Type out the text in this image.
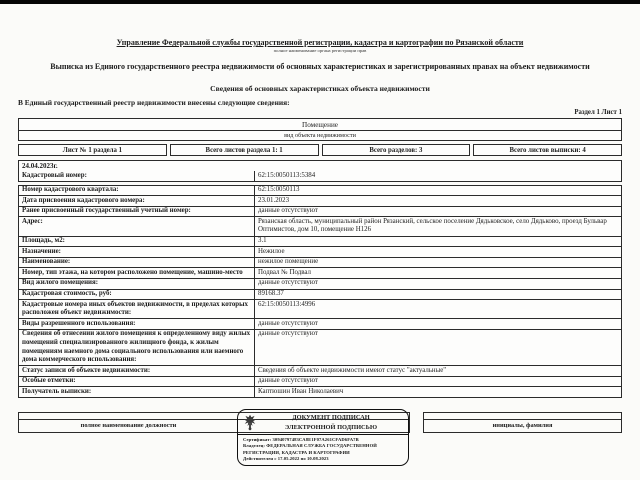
Управление Федеральной службы государственной регистрации, кадастра и картографии по Рязанской области
полное наименование органа регистрации прав
Выписка из Единого государственного реестра недвижимости об основных характеристиках и зарегистрированных правах на объект недвижимости
Сведения об основных характеристиках объекта недвижимости
В Единый государственный реестр недвижимости внесены следующие сведения:
Раздел 1 Лист 1
Помещение
вид объекта недвижимости
Лист № 1 раздела 1	Всего листов раздела 1: 1	Всего разделов: 3	Всего листов выписки: 4
24.04.2023г.
Кадастровый номер:	62:15:0050113:5384
Номер кадастрового квартала:	62:15:0050113
Дата присвоения кадастрового номера:	23.01.2023
Ранее присвоенный государственный учетный номер:	данные отсутствуют
Адрес:	Рязанская область, муниципальный район Рязанский, сельское поселение Дядьковское, село Дядьково, проезд Бульвар Оптимистов, дом 10, помещение Н126
Площадь, м2:	3.1
Назначение:	Нежилое
Наименование:	нежилое помещение
Номер, тип этажа, на котором расположено помещение, машино-место	Подвал № Подвал
Вид жилого помещения:	данные отсутствуют
Кадастровая стоимость, руб:	89168.37
Кадастровые номера иных объектов недвижимости, в пределах которых расположен объект недвижимости:
62:15:0050113:4996
Виды разрешенного использования:	данные отсутствуют
Сведения об отнесении жилого помещения к определенному виду жилых помещений специализированного жилищного фонда, к жилым помещениям наемного дома социального использования или наемного дома коммерческого использования:
данные отсутствуют
Статус записи об объекте недвижимости:	Сведения об объекте недвижимости имеют статус "актуальные"
Особые отметки:	данные отсутствуют
Получатель выписки:	Каптюшин Иван Николаевич
полное наименование должности	инициалы, фамилия
ДОКУМЕНТ ПОДПИСАН
ЭЛЕКТРОННОЙ ПОДПИСЬЮ
Сертификат: 30940797483CA8E1F07A261CFAD6FA7B
Владелец: ФЕДЕРАЛЬНАЯ СЛУЖБА ГОСУДАРСТВЕННОЙ
РЕГИСТРАЦИИ, КАДАСТРА И КАРТОГРАФИИ
Действителен с 17.05.2022 по 10.08.2023
